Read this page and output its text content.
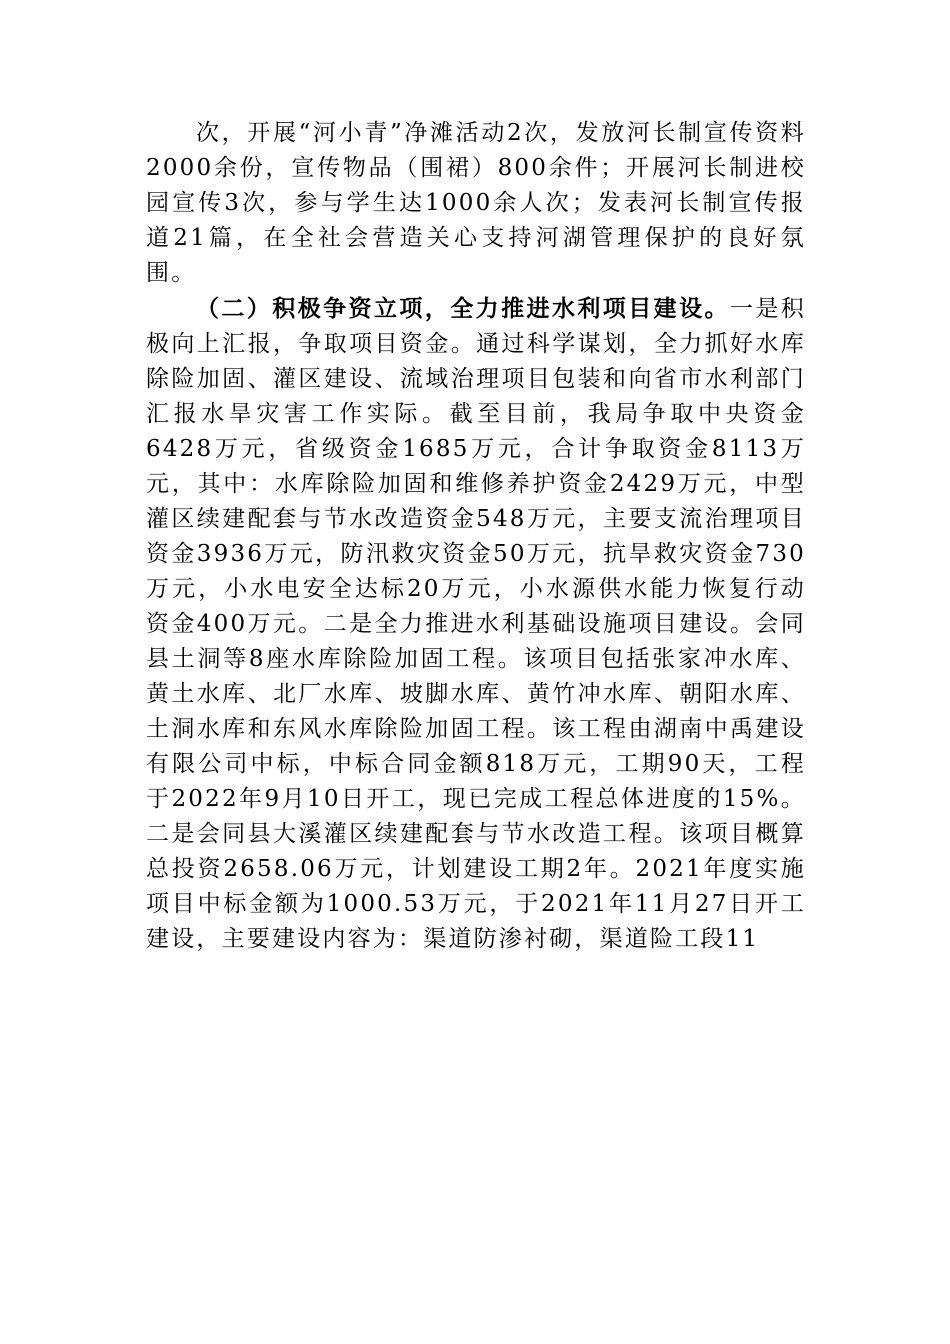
次，开展“河小青”净滩活动2次，发放河长制宣传资料2000余份，宣传物品（围裙）800余件；开展河长制进校园宣传3次，参与学生达1000余人次；发表河长制宣传报道21篇，在全社会营造关心支持河湖管理保护的良好氛围。

（二）积极争资立项，全力推进水利项目建设。一是积极向上汇报，争取项目资金。通过科学谋划，全力抓好水库除险加固、灌区建设、流域治理项目包装和向省市水利部门汇报水旱灾害工作实际。截至目前，我局争取中央资金6428万元，省级资金1685万元，合计争取资金8113万元，其中：水库除险加固和维修养护资金2429万元，中型灌区续建配套与节水改造资金548万元，主要支流治理项目资金3936万元，防汛救灾资金50万元，抗旱救灾资金730万元，小水电安全达标20万元，小水源供水能力恢复行动资金400万元。二是全力推进水利基础设施项目建设。会同县土洞等8座水库除险加固工程。该项目包括张家冲水库、黄土水库、北厂水库、坡脚水库、黄竹冲水库、朝阳水库、土洞水库和东风水库除险加固工程。该工程由湖南中禹建设有限公司中标，中标合同金额818万元，工期90天，工程于2022年9月10日开工，现已完成工程总体进度的15%。二是会同县大溪灌区续建配套与节水改造工程。该项目概算总投资2658.06万元，计划建设工期2年。2021年度实施项目中标金额为1000.53万元，于2021年11月27日开工建设，主要建设内容为：渠道防渗衬砌，渠道险工段11
